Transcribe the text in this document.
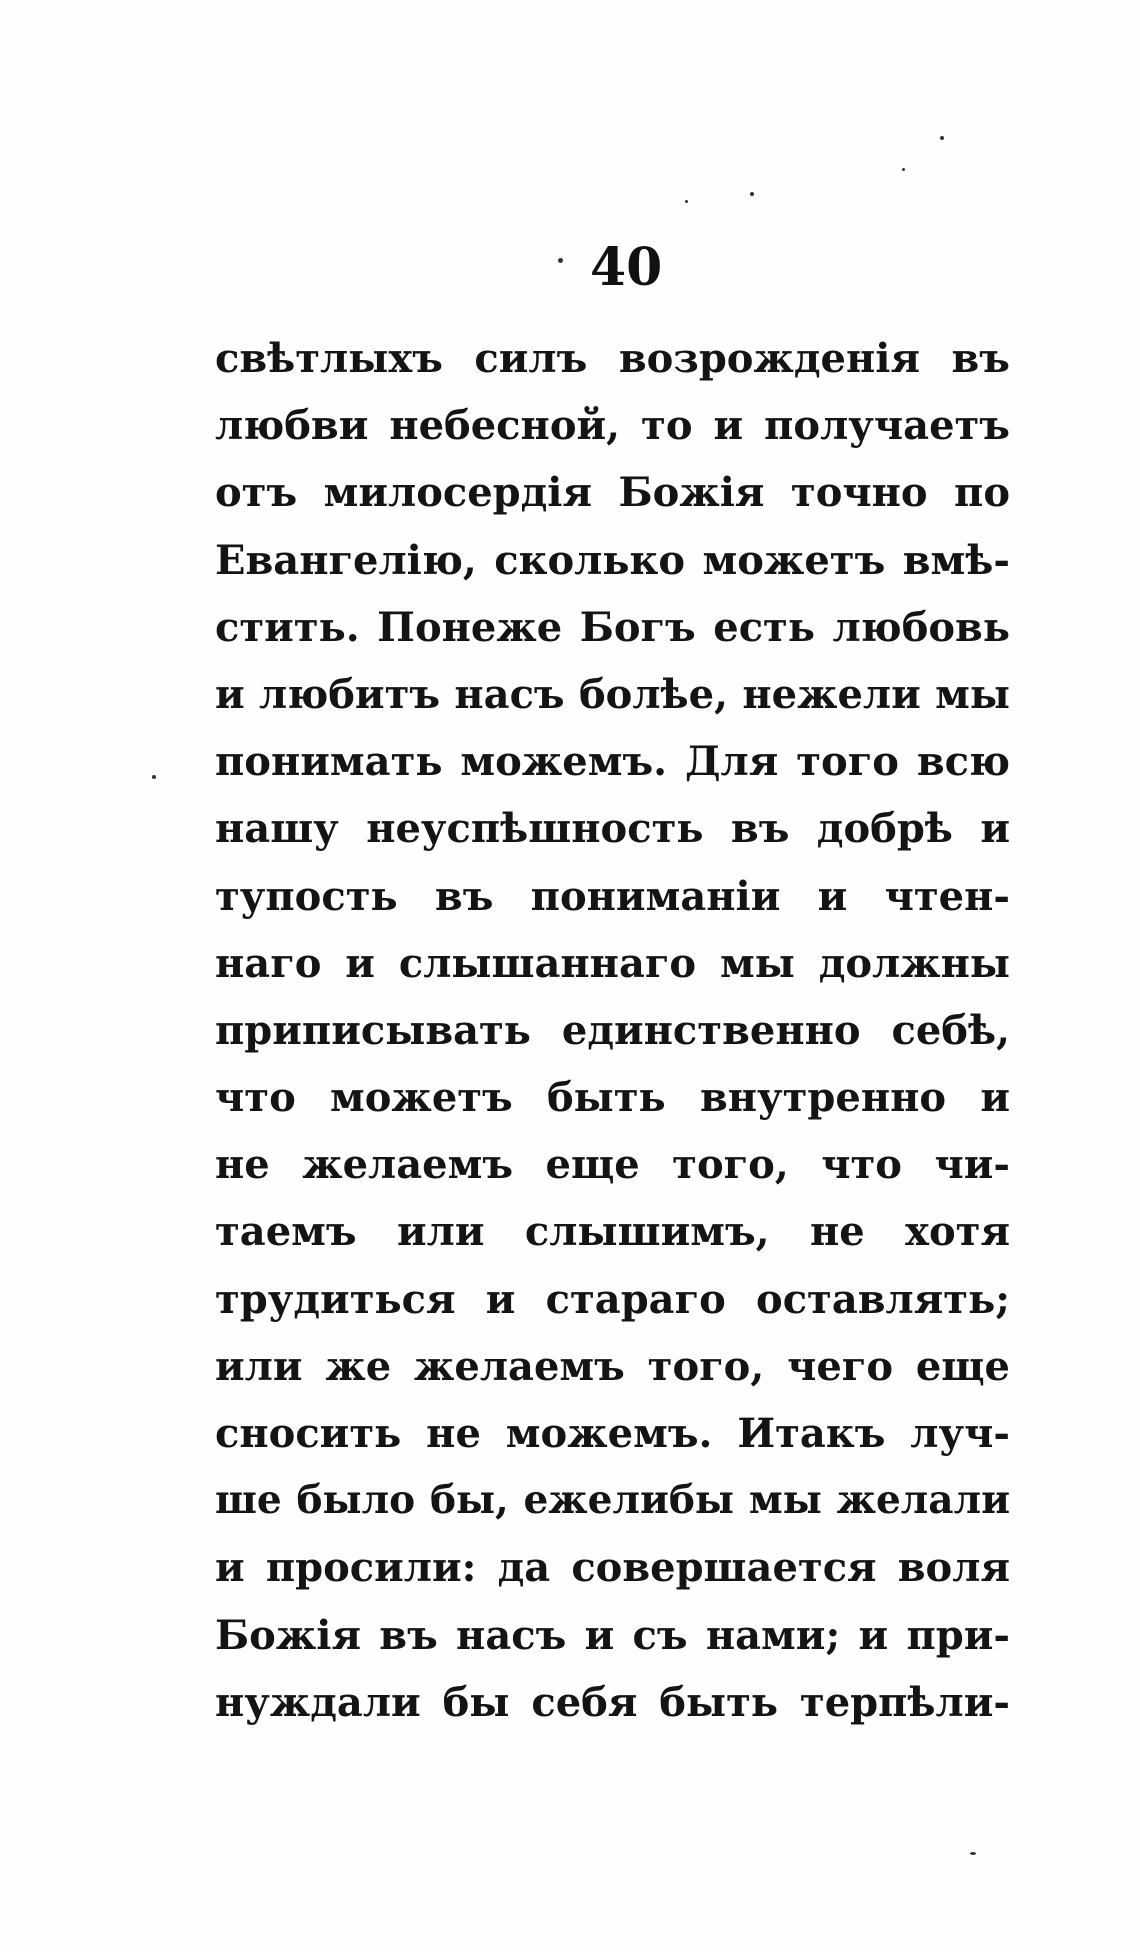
40
свѣтлыхъ силъ возрожденія въ
любви небесной, то и получаетъ
отъ милосердія Божія точно по
Евангелію, сколько можетъ вмѣ-
стить. Понеже Богъ есть любовь
и любитъ насъ болѣе, нежели мы
понимать можемъ. Для того всю
нашу неуспѣшность въ добрѣ и
тупость въ пониманіи и чтен-
наго и слышаннаго мы должны
приписывать единственно себѣ,
что можетъ быть внутренно и
не желаемъ еще того, что чи-
таемъ или слышимъ, не хотя
трудиться и стараго оставлять;
или же желаемъ того, чего еще
сносить не можемъ. Итакъ луч-
ше было бы, ежелибы мы желали
и просили: да совершается воля
Божія въ насъ и съ нами; и при-
нуждали бы себя быть терпѣли-
